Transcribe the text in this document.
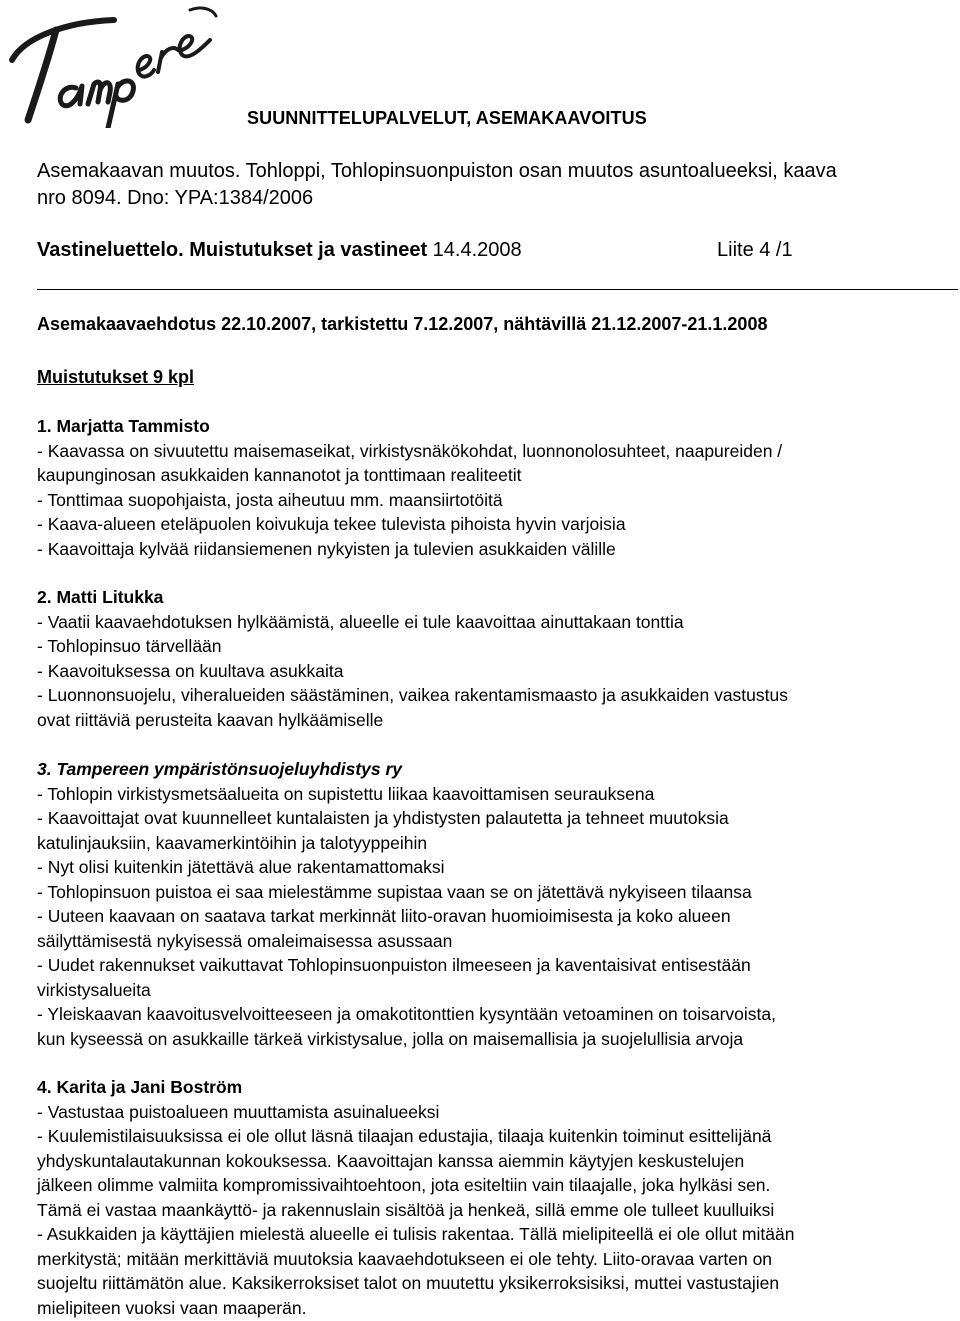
SUUNNITTELUPALVELUT, ASEMAKAAVOITUS
Asemakaavan muutos. Tohloppi, Tohlopinsuonpuiston osan muutos asuntoalueeksi, kaava
nro 8094. Dno: YPA:1384/2006
Vastineluettelo. Muistutukset ja vastineet 14.4.2008	Liite 4 /1
Asemakaavaehdotus 22.10.2007, tarkistettu 7.12.2007, nähtävillä 21.12.2007-21.1.2008
Muistutukset 9 kpl
1. Marjatta Tammisto
- Kaavassa on sivuutettu maisemaseikat, virkistysnäkökohdat, luonnonolosuhteet, naapureiden /
kaupunginosan asukkaiden kannanotot ja tonttimaan realiteetit
- Tonttimaa suopohjaista, josta aiheutuu mm. maansiirtotöitä
- Kaava-alueen eteläpuolen koivukuja tekee tulevista pihoista hyvin varjoisia
- Kaavoittaja kylvää riidansiemenen nykyisten ja tulevien asukkaiden välille
2. Matti Litukka
- Vaatii kaavaehdotuksen hylkäämistä, alueelle ei tule kaavoittaa ainuttakaan tonttia
- Tohlopinsuo tärvellään
- Kaavoituksessa on kuultava asukkaita
- Luonnonsuojelu, viheralueiden säästäminen, vaikea rakentamismaasto ja asukkaiden vastustus
ovat riittäviä perusteita kaavan hylkäämiselle
3. Tampereen ympäristönsuojeluyhdistys ry
- Tohlopin virkistysmetsäalueita on supistettu liikaa kaavoittamisen seurauksena
- Kaavoittajat ovat kuunnelleet kuntalaisten ja yhdistysten palautetta ja tehneet muutoksia
katulinjauksiin, kaavamerkintöihin ja talotyyppeihin
- Nyt olisi kuitenkin jätettävä alue rakentamattomaksi
- Tohlopinsuon puistoa ei saa mielestämme supistaa vaan se on jätettävä nykyiseen tilaansa
- Uuteen kaavaan on saatava tarkat merkinnät liito-oravan huomioimisesta ja koko alueen
säilyttämisestä nykyisessä omaleimaisessa asussaan
- Uudet rakennukset vaikuttavat Tohlopinsuonpuiston ilmeeseen ja kaventaisivat entisestään
virkistysalueita
- Yleiskaavan kaavoitusvelvoitteeseen ja omakotitonttien kysyntään vetoaminen on toisarvoista,
kun kyseessä on asukkaille tärkeä virkistysalue, jolla on maisemallisia ja suojelullisia arvoja
4. Karita ja Jani Boström
- Vastustaa puistoalueen muuttamista asuinalueeksi
- Kuulemistilaisuuksissa ei ole ollut läsnä tilaajan edustajia, tilaaja kuitenkin toiminut esittelijänä
yhdyskuntalautakunnan kokouksessa. Kaavoittajan kanssa aiemmin käytyjen keskustelujen
jälkeen olimme valmiita kompromissivaihtoehtoon, jota esiteltiin vain tilaajalle, joka hylkäsi sen.
Tämä ei vastaa maankäyttö- ja rakennuslain sisältöä ja henkeä, sillä emme ole tulleet kuulluiksi
- Asukkaiden ja käyttäjien mielestä alueelle ei tulisis rakentaa. Tällä mielipiteellä ei ole ollut mitään
merkitystä; mitään merkittäviä muutoksia kaavaehdotukseen ei ole tehty. Liito-oravaa varten on
suojeltu riittämätön alue. Kaksikerroksiset talot on muutettu yksikerroksisiksi, muttei vastustajien
mielipiteen vuoksi vaan maaperän.
